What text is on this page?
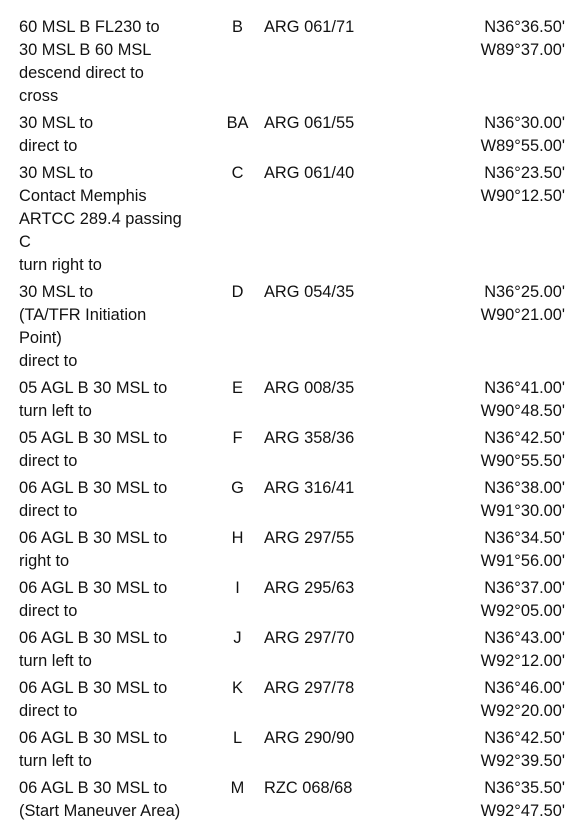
60 MSL B FL230 to
30 MSL B 60 MSL
descend direct to
cross
B	ARG 061/71	N36°36.50'
W89°37.00'
30 MSL to
direct to
BA ARG 061/55	N36°30.00'
W89°55.00'
30 MSL to
Contact Memphis
ARTCC 289.4 passing
C
turn right to
C	ARG 061/40	N36°23.50'
W90°12.50'
30 MSL to
(TA/TFR Initiation
Point)
direct to
D	ARG 054/35	N36°25.00'
W90°21.00'
05 AGL B 30 MSL to
turn left to
E	ARG 008/35	N36°41.00'
W90°48.50'
05 AGL B 30 MSL to
direct to
F	ARG 358/36	N36°42.50'
W90°55.50'
06 AGL B 30 MSL to
direct to
G	ARG 316/41	N36°38.00'
W91°30.00'
06 AGL B 30 MSL to
right to
H	ARG 297/55	N36°34.50'
W91°56.00'
06 AGL B 30 MSL to
direct to
I	ARG 295/63	N36°37.00'
W92°05.00'
06 AGL B 30 MSL to
turn left to
J	ARG 297/70	N36°43.00'
W92°12.00'
06 AGL B 30 MSL to
direct to
K	ARG 297/78	N36°46.00'
W92°20.00'
06 AGL B 30 MSL to
turn left to
L	ARG 290/90	N36°42.50'
W92°39.50'
06 AGL B 30 MSL to
(Start Maneuver Area)
M	RZC 068/68	N36°35.50'
W92°47.50'
